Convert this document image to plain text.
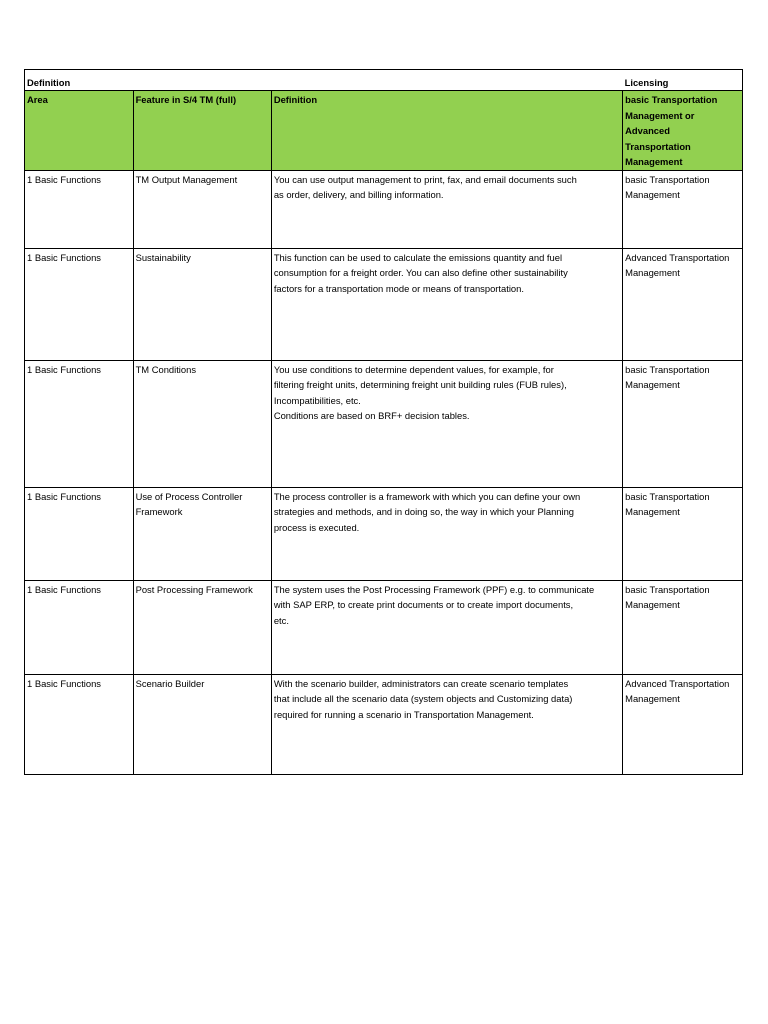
Definition			Licensing
Area	Feature in S/4 TM (full)	Definition	basic Transportation
Management or
Advanced
Transportation
Management

1 Basic Functions	TM Output Management	You can use output management to print, fax, and email documents such
as order, delivery, and billing information.	basic Transportation
Management

1 Basic Functions	Sustainability	This function can be used to calculate the emissions quantity and fuel
consumption for a freight order. You can also define other sustainability
factors for a transportation mode or means of transportation.	Advanced Transportation
Management

1 Basic Functions	TM Conditions	You use conditions to determine dependent values, for example, for
filtering freight units, determining freight unit building rules (FUB rules),
Incompatibilities, etc.
Conditions are based on BRF+ decision tables.	basic Transportation
Management

1 Basic Functions	Use of Process Controller
Framework	The process controller is a framework with which you can define your own
strategies and methods, and in doing so, the way in which your Planning
process is executed.	basic Transportation
Management

1 Basic Functions	Post Processing Framework	The system uses the Post Processing Framework (PPF) e.g. to communicate
with SAP ERP, to create print documents or to create import documents,
etc.	basic Transportation
Management

1 Basic Functions	Scenario Builder	With the scenario builder, administrators can create scenario templates
that include all the scenario data (system objects and Customizing data)
required for running a scenario in Transportation Management.	Advanced Transportation
Management
